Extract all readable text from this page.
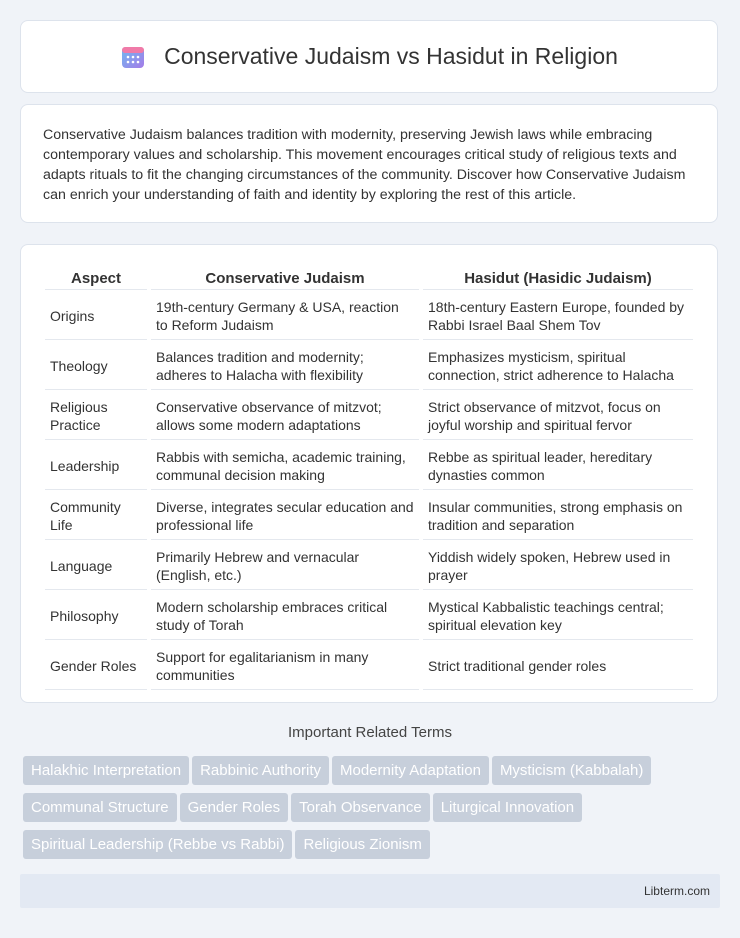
Conservative Judaism vs Hasidut in Religion

Conservative Judaism balances tradition with modernity, preserving Jewish laws while embracing contemporary values and scholarship. This movement encourages critical study of religious texts and adapts rituals to fit the changing circumstances of the community. Discover how Conservative Judaism can enrich your understanding of faith and identity by exploring the rest of this article.

Aspect	Conservative Judaism	Hasidut (Hasidic Judaism)
Origins	19th-century Germany & USA, reaction to Reform Judaism	18th-century Eastern Europe, founded by Rabbi Israel Baal Shem Tov
Theology	Balances tradition and modernity; adheres to Halacha with flexibility	Emphasizes mysticism, spiritual connection, strict adherence to Halacha
Religious Practice	Conservative observance of mitzvot; allows some modern adaptations	Strict observance of mitzvot, focus on joyful worship and spiritual fervor
Leadership	Rabbis with semicha, academic training, communal decision making	Rebbe as spiritual leader, hereditary dynasties common
Community Life	Diverse, integrates secular education and professional life	Insular communities, strong emphasis on tradition and separation
Language	Primarily Hebrew and vernacular (English, etc.)	Yiddish widely spoken, Hebrew used in prayer
Philosophy	Modern scholarship embraces critical study of Torah	Mystical Kabbalistic teachings central; spiritual elevation key
Gender Roles	Support for egalitarianism in many communities	Strict traditional gender roles
Important Related Terms
Halakhic Interpretation Rabbinic Authority Modernity Adaptation Mysticism (Kabbalah)
Communal Structure Gender Roles Torah Observance Liturgical Innovation
Spiritual Leadership (Rebbe vs Rabbi) Religious Zionism
Libterm.com
